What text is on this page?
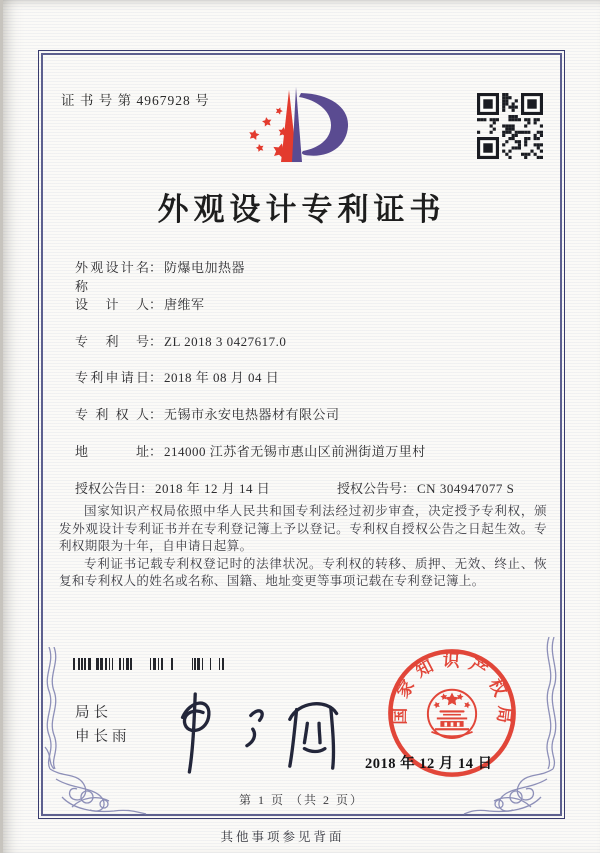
证 书 号 第 4967928 号
外观设计专利证书
外观设计名称： 防爆电加热器
设计人： 唐维军
专利号： ZL 2018 3 0427617.0
专利申请日： 2018 年 08 月 04 日
专利权人： 无锡市永安电热器材有限公司
地址： 214000 江苏省无锡市惠山区前洲街道万里村
授权公告日： 2018 年 12 月 14 日	授权公告号： CN 304947077 S

国家知识产权局依照中华人民共和国专利法经过初步审查，决定授予专利权，颁发外观设计专利证书并在专利登记簿上予以登记。专利权自授权公告之日起生效。专利权期限为十年，自申请日起算。

专利证书记载专利权登记时的法律状况。专利权的转移、质押、无效、终止、恢复和专利权人的姓名或名称、国籍、地址变更等事项记载在专利登记簿上。

局长
申长雨
国家知识产权局
2018 年 12 月 14 日
第 1 页 （共 2 页）
其他事项参见背面
